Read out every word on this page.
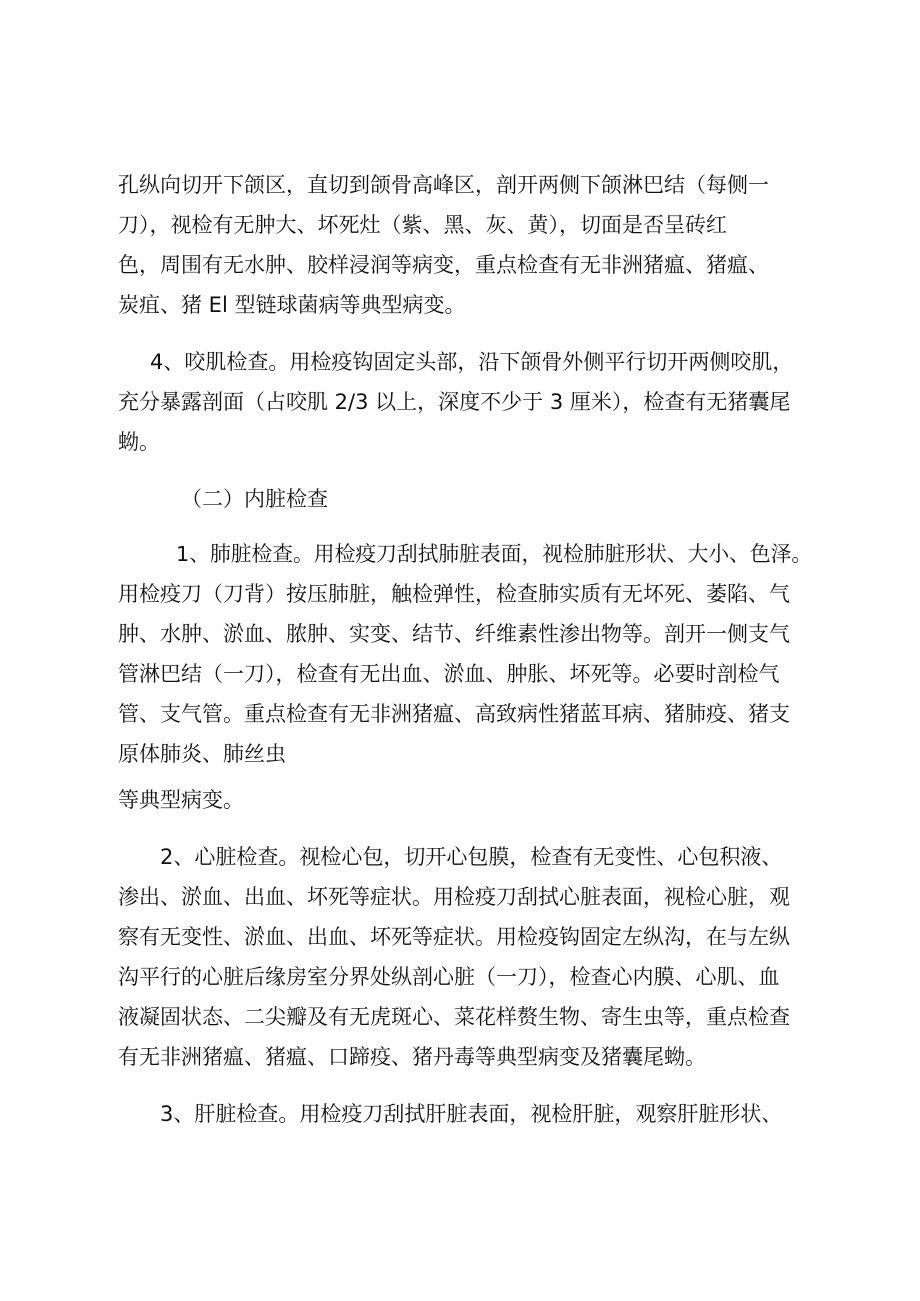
孔纵向切开下颌区，直切到颌骨高峰区，剖开两侧下颌淋巴结（每侧一
刀），视检有无肿大、坏死灶（紫、黑、灰、黄），切面是否呈砖红
色，周围有无水肿、胶样浸润等病变，重点检查有无非洲猪瘟、猪瘟、
炭疽、猪 El 型链球菌病等典型病变。
4、咬肌检查。用检疫钩固定头部，沿下颌骨外侧平行切开两侧咬肌，
充分暴露剖面（占咬肌 2/3 以上，深度不少于 3 厘米），检查有无猪囊尾
蚴。
（二）内脏检查
1、肺脏检查。用检疫刀刮拭肺脏表面，视检肺脏形状、大小、色泽。
用检疫刀（刀背）按压肺脏，触检弹性，检查肺实质有无坏死、萎陷、气
肿、水肿、淤血、脓肿、实变、结节、纤维素性渗出物等。剖开一侧支气
管淋巴结（一刀），检查有无出血、淤血、肿胀、坏死等。必要时剖检气
管、支气管。重点检查有无非洲猪瘟、高致病性猪蓝耳病、猪肺疫、猪支
原体肺炎、肺丝虫
等典型病变。
2、心脏检查。视检心包，切开心包膜，检查有无变性、心包积液、
渗出、淤血、出血、坏死等症状。用检疫刀刮拭心脏表面，视检心脏，观
察有无变性、淤血、出血、坏死等症状。用检疫钩固定左纵沟，在与左纵
沟平行的心脏后缘房室分界处纵剖心脏（一刀），检查心内膜、心肌、血
液凝固状态、二尖瓣及有无虎斑心、菜花样赘生物、寄生虫等，重点检查
有无非洲猪瘟、猪瘟、口蹄疫、猪丹毒等典型病变及猪囊尾蚴。
3、肝脏检查。用检疫刀刮拭肝脏表面，视检肝脏，观察肝脏形状、
